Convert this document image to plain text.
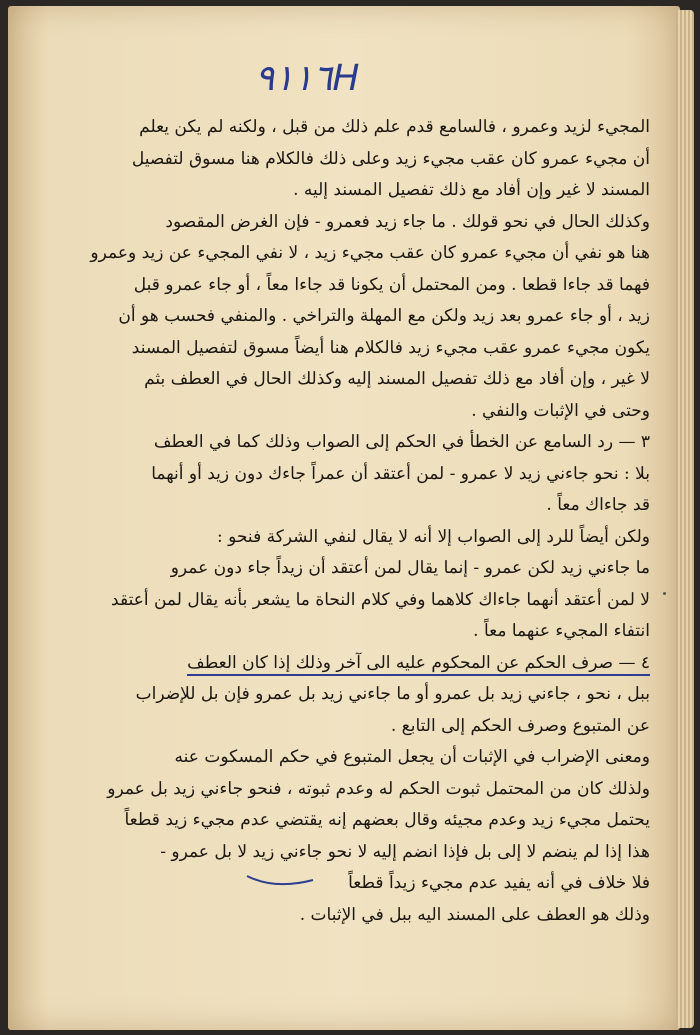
٩١١٦H
المجيء لزيد وعمرو ، فالسامع قدم علم ذلك من قبل ، ولكنه لم يكن يعلم
أن مجيء عمرو كان عقب مجيء زيد وعلى ذلك فالكلام هنا مسوق لتفصيل
المسند لا غير وإن أفاد مع ذلك تفصيل المسند إليه .
وكذلك الحال في نحو قولك . ما جاء زيد فعمرو - فإن الغرض المقصود
هنا هو نفي أن مجيء عمرو كان عقب مجيء زيد ، لا نفي المجيء عن زيد وعمرو
فهما قد جاءا قطعا . ومن المحتمل أن يكونا قد جاءا معاً ، أو جاء عمرو قبل
زيد ، أو جاء عمرو بعد زيد ولكن مع المهلة والتراخي . والمنفي فحسب هو أن
يكون مجيء عمرو عقب مجيء زيد فالكلام هنا أيضاً مسوق لتفصيل المسند
لا غير ، وإن أفاد مع ذلك تفصيل المسند إليه وكذلك الحال في العطف بثم
وحتى في الإثبات والنفي .
٣ — رد السامع عن الخطأ في الحكم إلى الصواب وذلك كما في العطف
بلا : نحو جاءني زيد لا عمرو - لمن أعتقد أن عمراً جاءك دون زيد أو أنهما
قد جاءاك معاً .
ولكن أيضاً للرد إلى الصواب إلا أنه لا يقال لنفي الشركة فنحو :
ما جاءني زيد لكن عمرو - إنما يقال لمن أعتقد أن زيداً جاء دون عمرو
لا لمن أعتقد أنهما جاءاك كلاهما وفي كلام النحاة ما يشعر بأنه يقال لمن أعتقد
انتفاء المجيء عنهما معاً .
٤ — صرف الحكم عن المحكوم عليه الى آخر وذلك إذا كان العطف
ببل ، نحو ، جاءني زيد بل عمرو أو ما جاءني زيد بل عمرو فإن بل للإضراب
عن المتبوع وصرف الحكم إلى التابع .
ومعنى الإضراب في الإثبات أن يجعل المتبوع في حكم المسكوت عنه
ولذلك كان من المحتمل ثبوت الحكم له وعدم ثبوته ، فنحو جاءني زيد بل عمرو
يحتمل مجيء زيد وعدم مجيئه وقال بعضهم إنه يقتضي عدم مجيء زيد قطعاً
هذا إذا لم ينضم لا إلى بل فإذا انضم إليه لا نحو جاءني زيد لا بل عمرو -
فلا خلاف في أنه يفيد عدم مجيء زيداً قطعاً
وذلك هو العطف على المسند اليه ببل في الإثبات .
